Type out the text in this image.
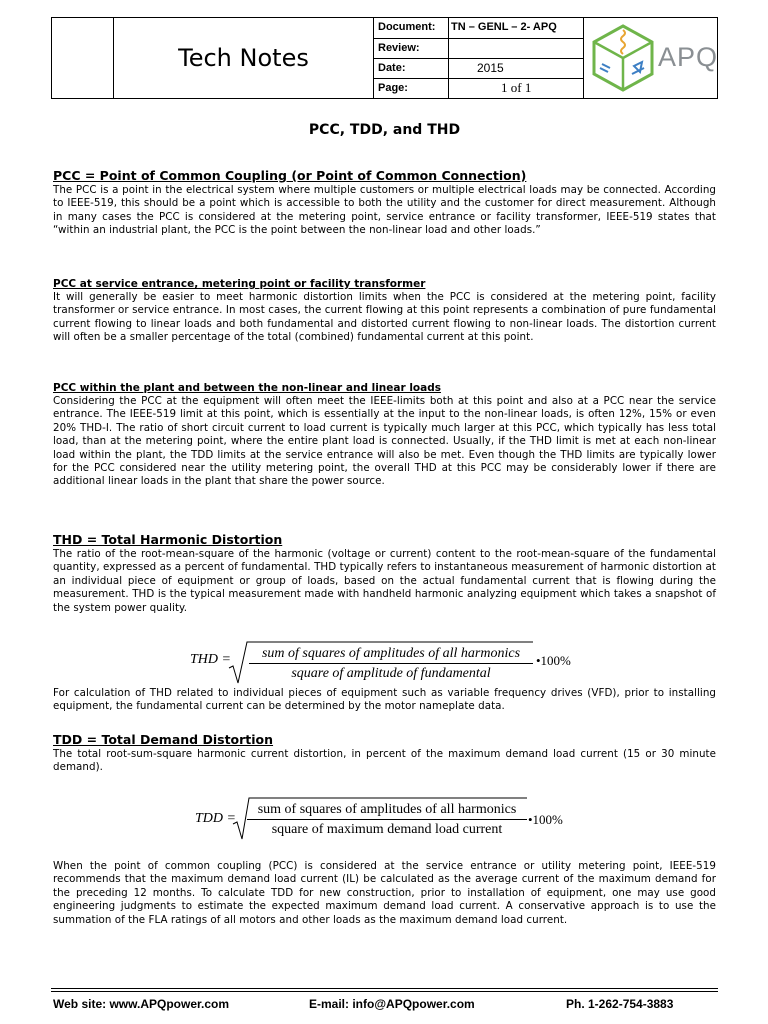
Tech Notes
Document:	TN – GENL – 2- APQ
Review:
Date:	2015
Page:	1 of 1
APQ
PCC, TDD, and THD

PCC = Point of Common Coupling (or Point of Common Connection)

The PCC is a point in the electrical system where multiple customers or multiple electrical loads may be connected. According to IEEE-519, this should be a point which is accessible to both the utility and the customer for direct measurement. Although in many cases the PCC is considered at the metering point, service entrance or facility transformer, IEEE-519 states that “within an industrial plant, the PCC is the point between the non-linear load and other loads.”

PCC at service entrance, metering point or facility transformer

It will generally be easier to meet harmonic distortion limits when the PCC is considered at the metering point, facility transformer or service entrance. In most cases, the current flowing at this point represents a combination of pure fundamental current flowing to linear loads and both fundamental and distorted current flowing to non-linear loads. The distortion current will often be a smaller percentage of the total (combined) fundamental current at this point.

PCC within the plant and between the non-linear and linear loads

Considering the PCC at the equipment will often meet the IEEE-limits both at this point and also at a PCC near the service entrance. The IEEE-519 limit at this point, which is essentially at the input to the non-linear loads, is often 12%, 15% or even 20% THD-I. The ratio of short circuit current to load current is typically much larger at this PCC, which typically has less total load, than at the metering point, where the entire plant load is connected. Usually, if the THD limit is met at each non-linear load within the plant, the TDD limits at the service entrance will also be met. Even though the THD limits are typically lower for the PCC considered near the utility metering point, the overall THD at this PCC may be considerably lower if there are additional linear loads in the plant that share the power source.

THD = Total Harmonic Distortion

The ratio of the root-mean-square of the harmonic (voltage or current) content to the root-mean-square of the fundamental quantity, expressed as a percent of fundamental. THD typically refers to instantaneous measurement of harmonic distortion at an individual piece of equipment or group of loads, based on the actual fundamental current that is flowing during the measurement. THD is the typical measurement made with handheld harmonic analyzing equipment which takes a snapshot of the system power quality.

THD =	sum of squares of amplitudes of all harmonics
square of amplitude of fundamental
•100%

For calculation of THD related to individual pieces of equipment such as variable frequency drives (VFD), prior to installing equipment, the fundamental current can be determined by the motor nameplate data.

TDD = Total Demand Distortion

The total root-sum-square harmonic current distortion, in percent of the maximum demand load current (15 or 30 minute demand).

TDD =
sum of squares of amplitudes of all harmonics
square of maximum demand load current
•100%

When the point of common coupling (PCC) is considered at the service entrance or utility metering point, IEEE-519 recommends that the maximum demand load current (IL) be calculated as the average current of the maximum demand for the preceding 12 months. To calculate TDD for new construction, prior to installation of equipment, one may use good engineering judgments to estimate the expected maximum demand load current. A conservative approach is to use the summation of the FLA ratings of all motors and other loads as the maximum demand load current.

Web site: www.APQpower.com	E-mail: info@APQpower.com	Ph. 1-262-754-3883
